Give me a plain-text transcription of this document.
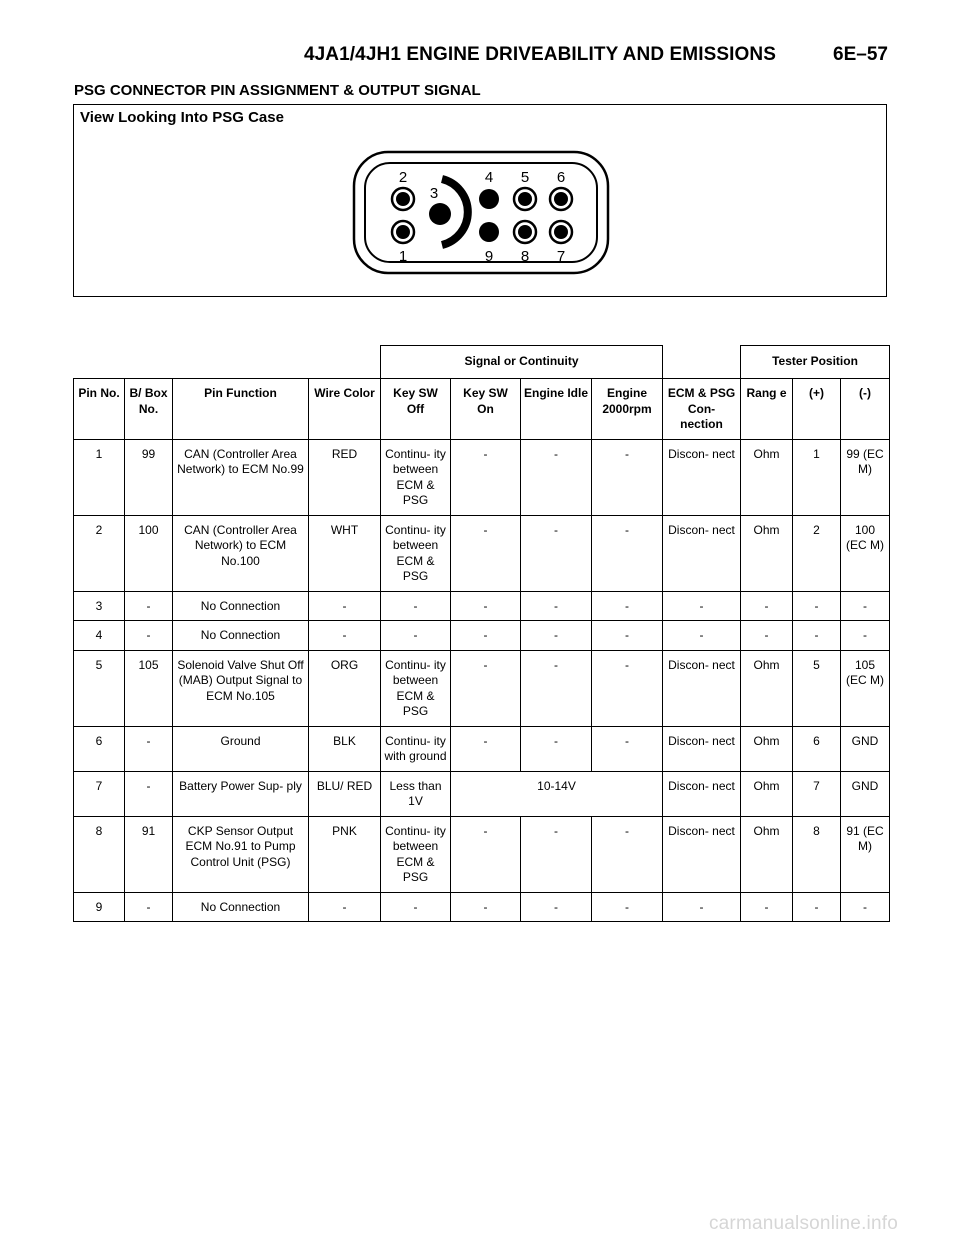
4JA1/4JH1 ENGINE DRIVEABILITY AND EMISSIONS	6E–57
PSG CONNECTOR PIN ASSIGNMENT & OUTPUT SIGNAL
View Looking Into PSG Case
2
3
4 5 6
1	9 8 7
				Signal or Continuity					Tester Position		
Pin No.	B/ Box No.	Pin Function	Wire Color	Key SW Off	Key SW On	Engine Idle	Engine 2000rpm	ECM & PSG Con- nection	Rang e	(+)	(-)
1	99	CAN (Controller Area Network) to ECM No.99	RED	Continu- ity between ECM & PSG	-	-	-	Discon- nect	Ohm	1	99 (EC M)
2	100	CAN (Controller Area Network) to ECM No.100	WHT	Continu- ity between ECM & PSG	-	-	-	Discon- nect	Ohm	2	100 (EC M)
3	-	No Connection	-	-	-	-	-	-	-	-	-
4	-	No Connection	-	-	-	-	-	-	-	-	-
5	105	Solenoid Valve Shut Off (MAB) Output Signal to ECM No.105	ORG	Continu- ity between ECM & PSG	-	-	-	Discon- nect	Ohm	5	105 (EC M)
6	-	Ground	BLK	Continu- ity with ground	-	-	-	Discon- nect	Ohm	6	GND
7	-	Battery Power Sup- ply	BLU/ RED	Less than 1V	10-14V			Discon- nect	Ohm	7	GND
8	91	CKP Sensor Output ECM No.91 to Pump Control Unit (PSG)	PNK	Continu- ity between ECM & PSG	-	-	-	Discon- nect	Ohm	8	91 (EC M)
9	-	No Connection	-	-	-	-	-	-	-	-	-
carmanualsonline.info
